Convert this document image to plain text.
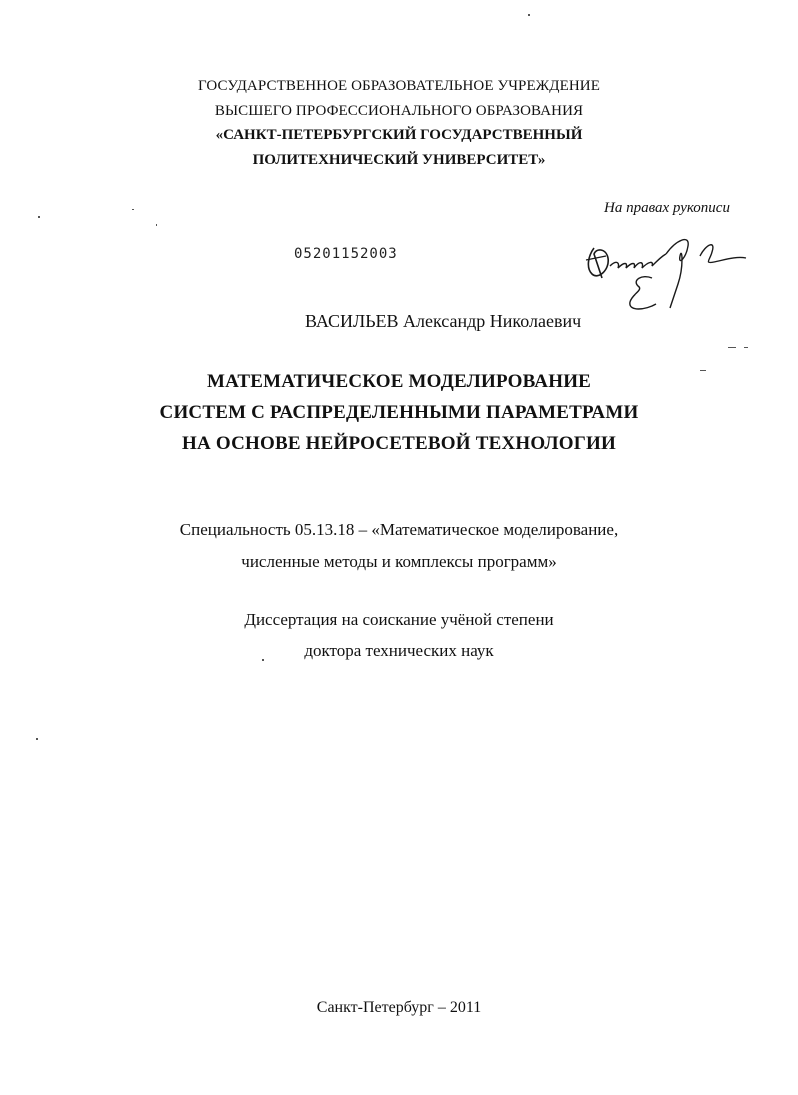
ГОСУДАРСТВЕННОЕ ОБРАЗОВАТЕЛЬНОЕ УЧРЕЖДЕНИЕ
ВЫСШЕГО ПРОФЕССИОНАЛЬНОГО ОБРАЗОВАНИЯ
«САНКТ-ПЕТЕРБУРГСКИЙ ГОСУДАРСТВЕННЫЙ
ПОЛИТЕХНИЧЕСКИЙ УНИВЕРСИТЕТ»
На правах рукописи
05201152003
ВАСИЛЬЕВ Александр Николаевич
МАТЕМАТИЧЕСКОЕ МОДЕЛИРОВАНИЕ
СИСТЕМ С РАСПРЕДЕЛЕННЫМИ ПАРАМЕТРАМИ
НА ОСНОВЕ НЕЙРОСЕТЕВОЙ ТЕХНОЛОГИИ
Специальность 05.13.18 – «Математическое моделирование,
численные методы и комплексы программ»
Диссертация на соискание учёной степени
доктора технических наук
Санкт-Петербург – 2011
